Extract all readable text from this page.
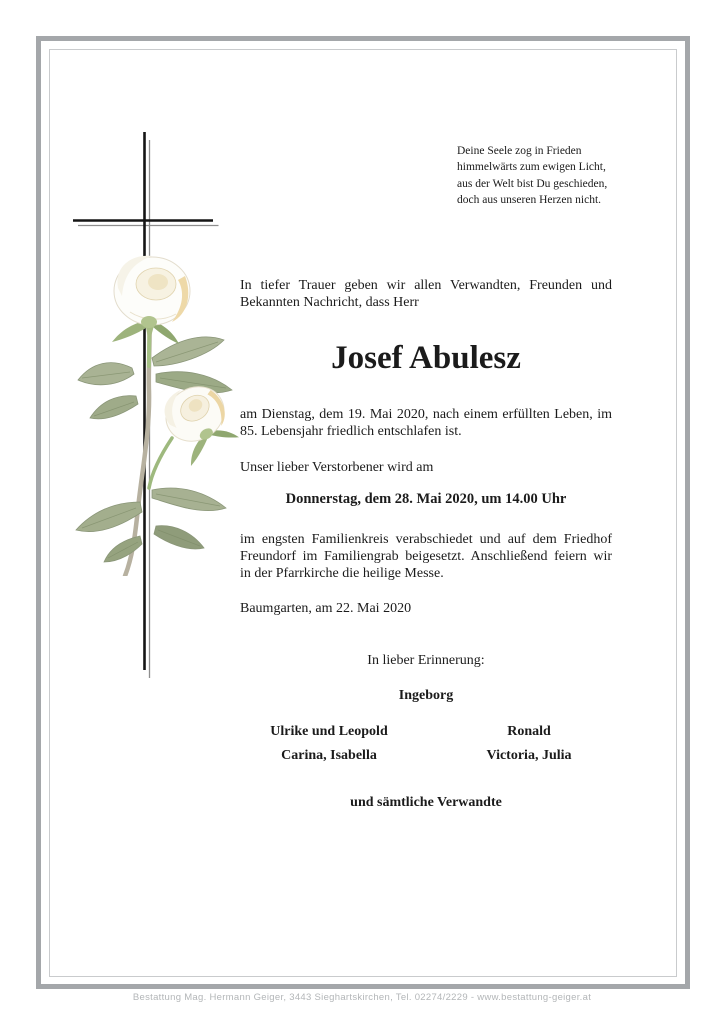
Deine Seele zog in Frieden
himmelwärts zum ewigen Licht,
aus der Welt bist Du geschieden,
doch aus unseren Herzen nicht.
In tiefer Trauer geben wir allen Verwandten, Freunden und
Bekannten Nachricht, dass Herr
Josef Abulesz
am Dienstag, dem 19. Mai 2020, nach einem erfüllten Leben, im
85. Lebensjahr friedlich entschlafen ist.
Unser lieber Verstorbener wird am
Donnerstag, dem 28. Mai 2020, um 14.00 Uhr
im engsten Familienkreis verabschiedet und auf dem Friedhof
Freundorf im Familiengrab beigesetzt. Anschließend feiern wir
in der Pfarrkirche die heilige Messe.
Baumgarten, am 22. Mai 2020
In lieber Erinnerung:
Ingeborg
Ulrike und Leopold	Ronald
Carina, Isabella	Victoria, Julia
und sämtliche Verwandte
Bestattung Mag. Hermann Geiger, 3443 Sieghartskirchen, Tel. 02274/2229 - www.bestattung-geiger.at
